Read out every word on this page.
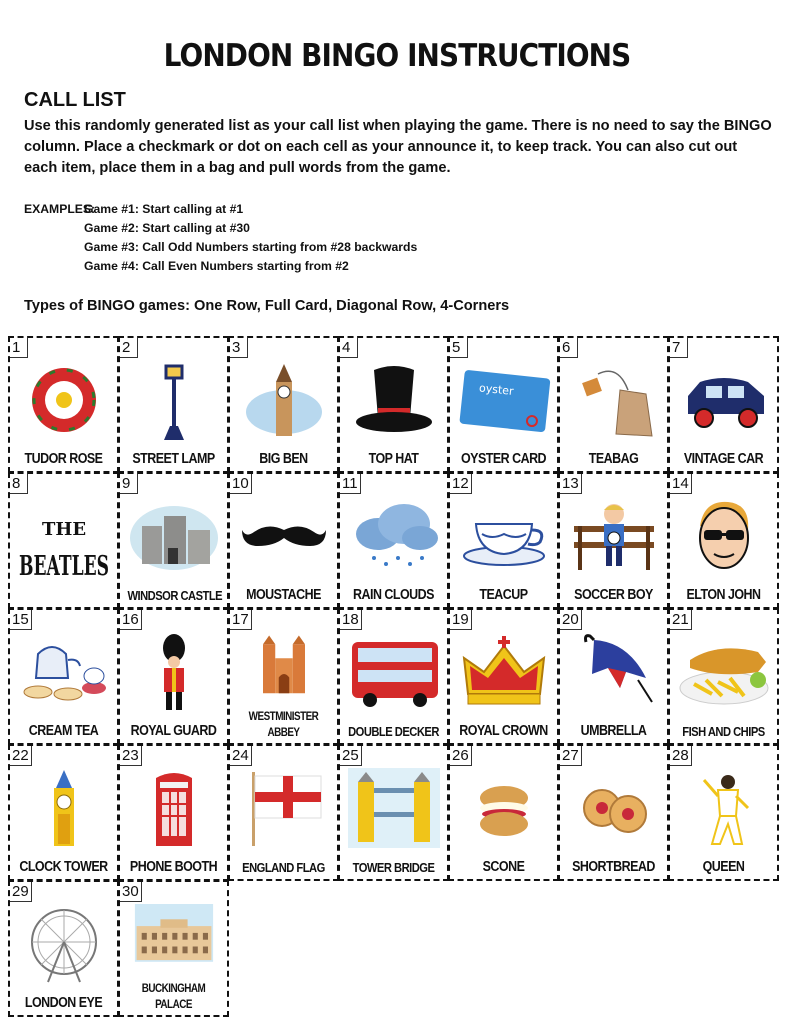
LONDON BINGO INSTRUCTIONS
CALL LIST
Use this randomly generated list as your call list when playing the game. There is no need to say the BINGO column. Place a checkmark or dot on each cell as your announce it, to keep track. You can also cut out each item, place them in a bag and pull words from the game.
EXAMPLES:
Game #1: Start calling at #1
Game #2: Start calling at #30
Game #3: Call Odd Numbers starting from #28 backwards
Game #4: Call Even Numbers starting from #2
Types of BINGO games: One Row, Full Card, Diagonal Row, 4-Corners
1
TUDOR ROSE
2
STREET LAMP
3
BIG BEN
4
TOP HAT
5
oyster
OYSTER CARD
6
TEABAG
7
VINTAGE CAR
8
THE
BEATLES
9
WINDSOR CASTLE
10
MOUSTACHE
11
RAIN CLOUDS
12
TEACUP
13
SOCCER BOY
14
ELTON JOHN
15
CREAM TEA
16
ROYAL GUARD
17
WESTMINISTER ABBEY
18
DOUBLE DECKER
19
ROYAL CROWN
20
UMBRELLA
21
FISH AND CHIPS
22
CLOCK TOWER
23
PHONE BOOTH
24
ENGLAND FLAG
25
TOWER BRIDGE
26
SCONE
27
SHORTBREAD
28
QUEEN
29
LONDON EYE
30
BUCKINGHAM PALACE
